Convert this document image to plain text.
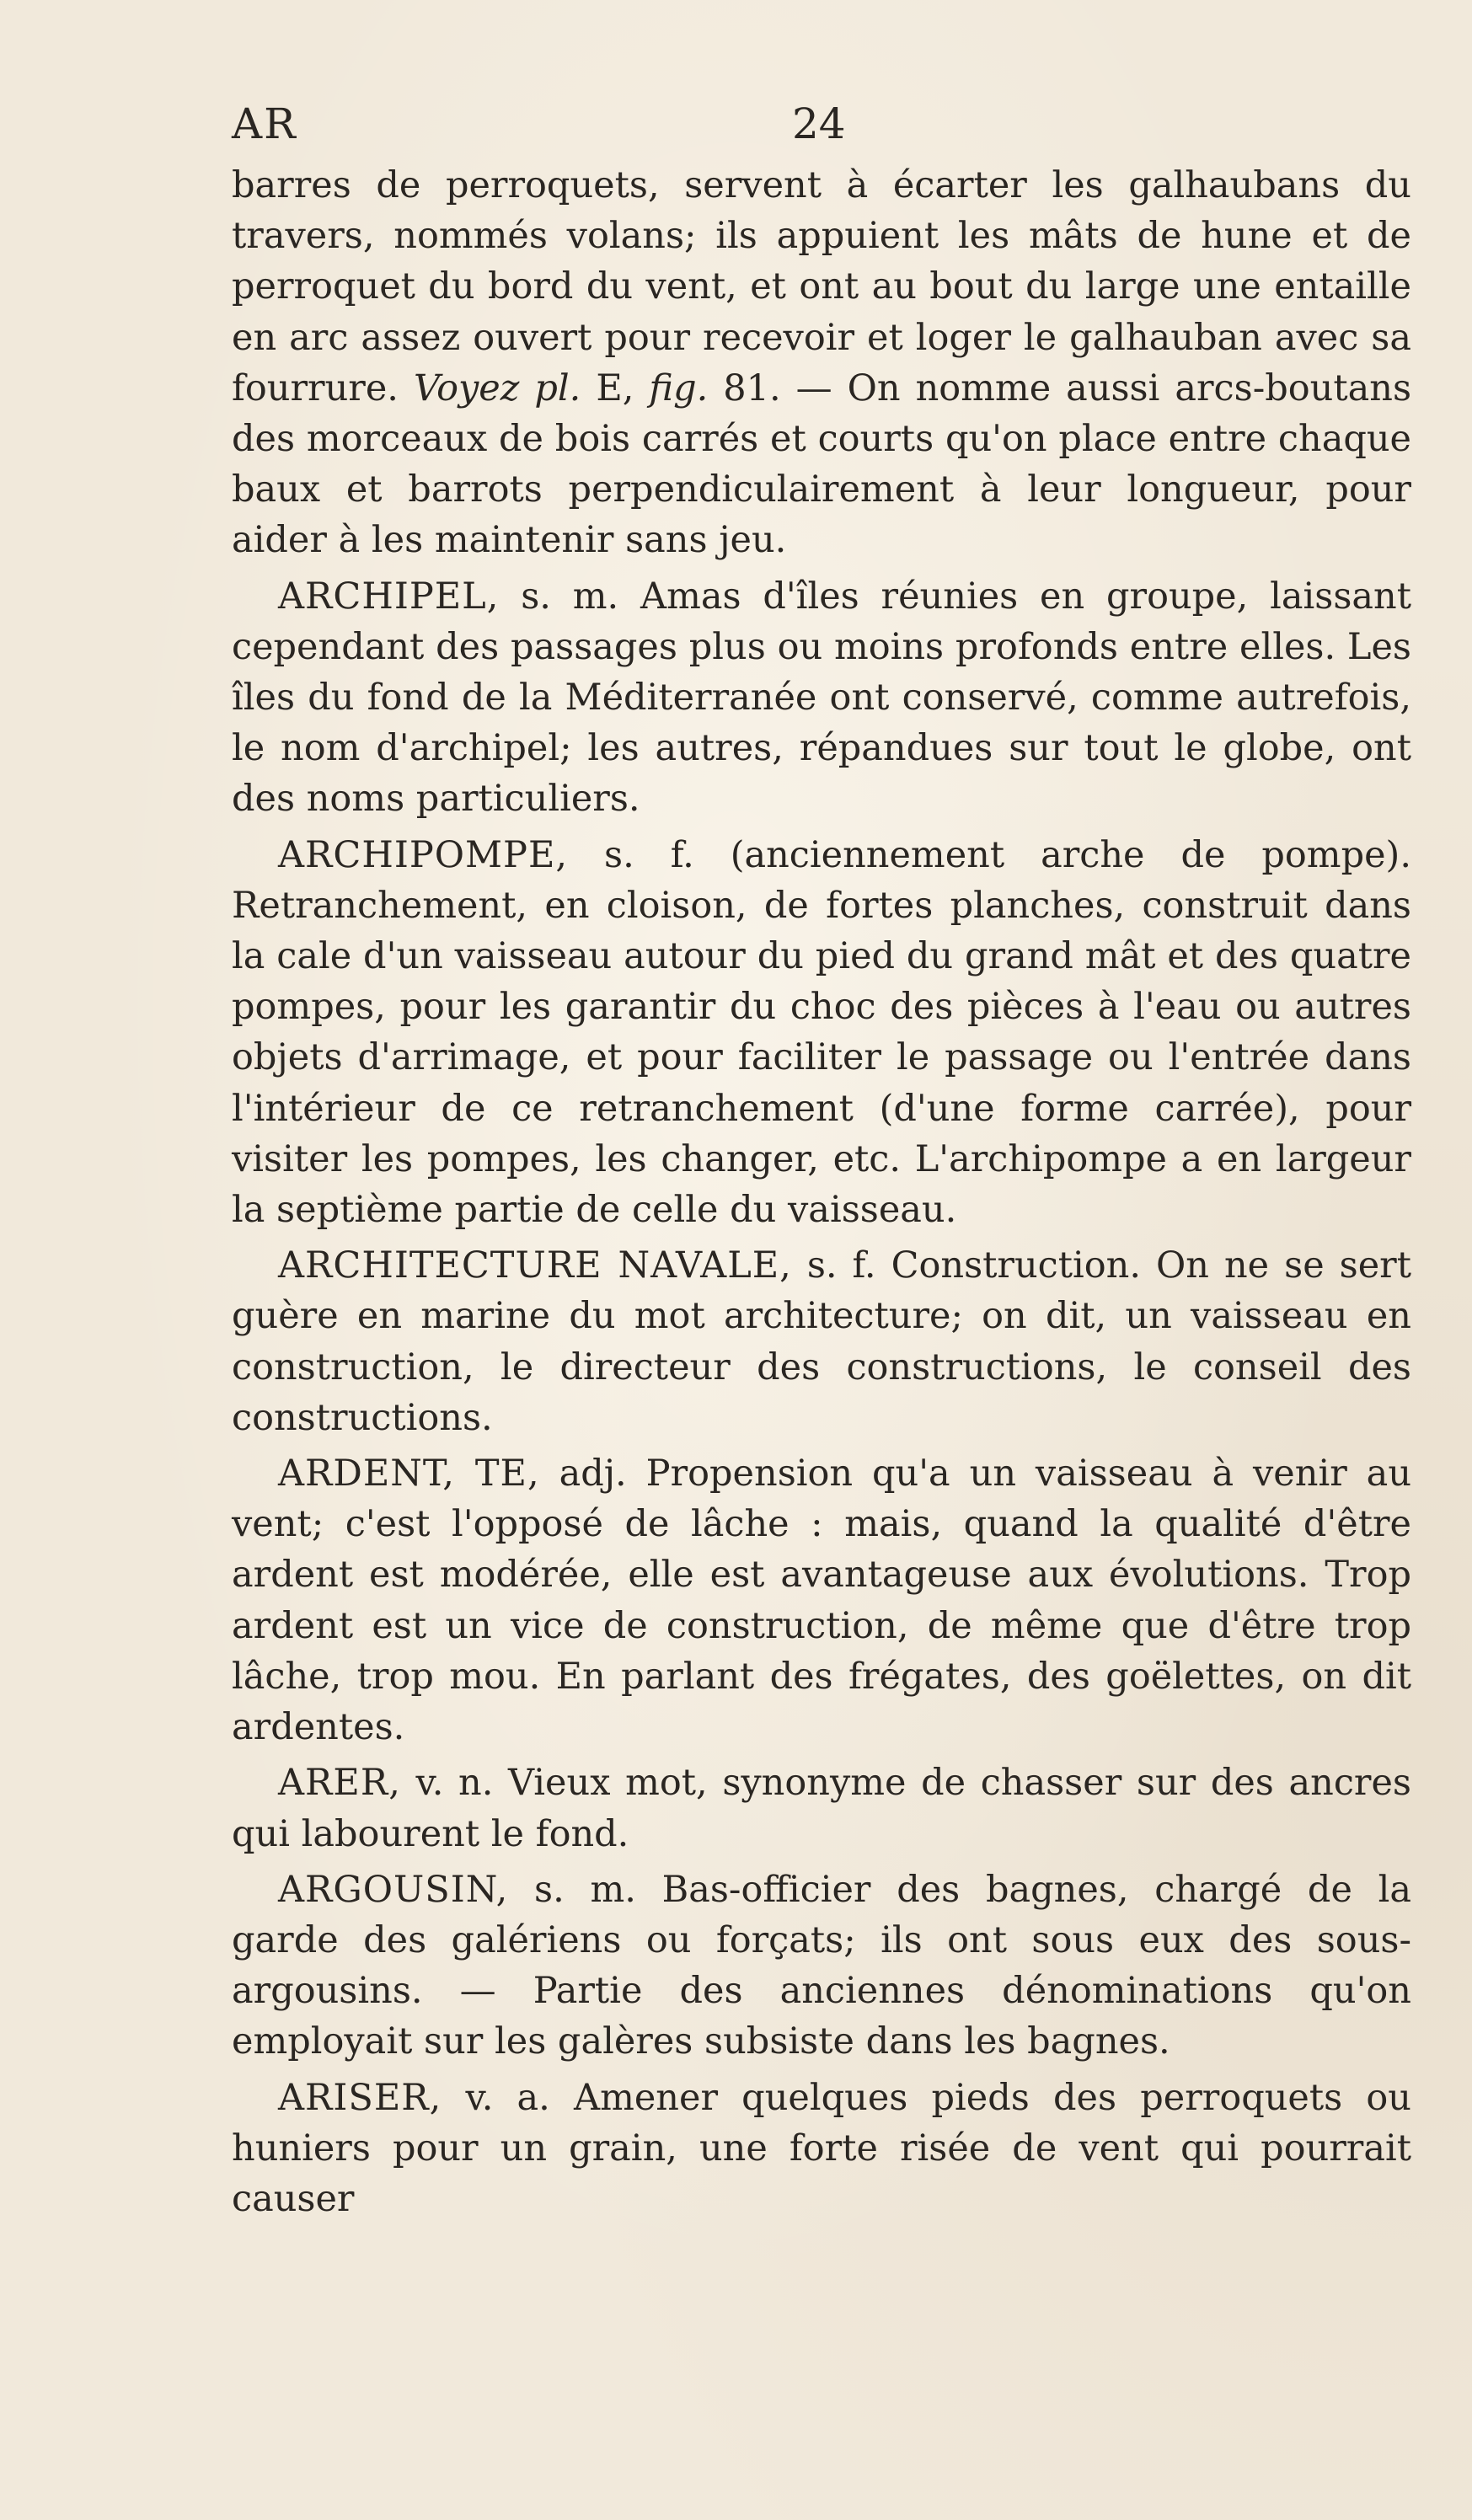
AR	24

barres de perroquets, servent à écarter les galhaubans du travers, nommés volans; ils appuient les mâts de hune et de perroquet du bord du vent, et ont au bout du large une entaille en arc assez ouvert pour recevoir et loger le galhauban avec sa fourrure. Voyez pl. E, fig. 81. — On nomme aussi arcs-boutans des morceaux de bois carrés et courts qu'on place entre chaque baux et barrots perpendiculairement à leur longueur, pour aider à les maintenir sans jeu.

ARCHIPEL, s. m. Amas d'îles réunies en groupe, laissant cependant des passages plus ou moins profonds entre elles. Les îles du fond de la Méditerranée ont conservé, comme autrefois, le nom d'archipel; les autres, répandues sur tout le globe, ont des noms particuliers.

ARCHIPOMPE, s. f. (anciennement arche de pompe). Retranchement, en cloison, de fortes planches, construit dans la cale d'un vaisseau autour du pied du grand mât et des quatre pompes, pour les garantir du choc des pièces à l'eau ou autres objets d'arrimage, et pour faciliter le passage ou l'entrée dans l'intérieur de ce retranchement (d'une forme carrée), pour visiter les pompes, les changer, etc. L'archipompe a en largeur la septième partie de celle du vaisseau.

ARCHITECTURE NAVALE, s. f. Construction. On ne se sert guère en marine du mot architecture; on dit, un vaisseau en construction, le directeur des constructions, le conseil des constructions.

ARDENT, TE, adj. Propension qu'a un vaisseau à venir au vent; c'est l'opposé de lâche : mais, quand la qualité d'être ardent est modérée, elle est avantageuse aux évolutions. Trop ardent est un vice de construction, de même que d'être trop lâche, trop mou. En parlant des frégates, des goëlettes, on dit ardentes.

ARER, v. n. Vieux mot, synonyme de chasser sur des ancres qui labourent le fond.

ARGOUSIN, s. m. Bas-officier des bagnes, chargé de la garde des galériens ou forçats; ils ont sous eux des sous-argousins. — Partie des anciennes dénominations qu'on employait sur les galères subsiste dans les bagnes.

ARISER, v. a. Amener quelques pieds des perroquets ou huniers pour un grain, une forte risée de vent qui pourrait causer
